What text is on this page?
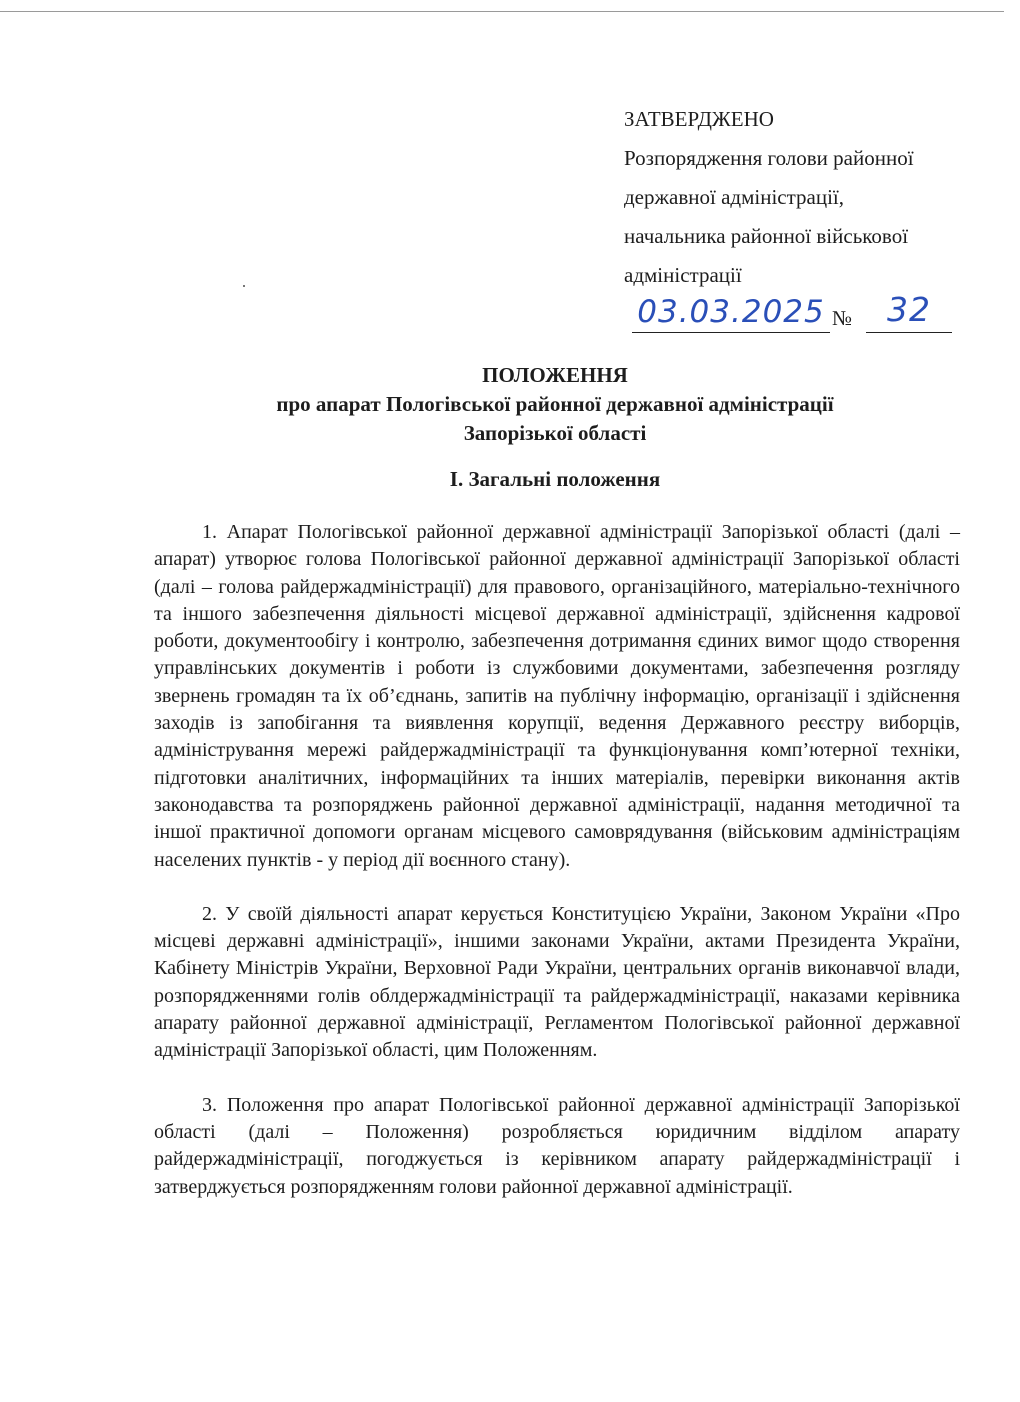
ЗАТВЕРДЖЕНО
Розпорядження голови районної
державної адміністрації,
начальника районної військової
адміністрації
03.03.2025 №	32
ПОЛОЖЕННЯ
про апарат Пологівської районної державної адміністрації
Запорізької області
І. Загальні положення

1. Апарат Пологівської районної державної адміністрації Запорізької області (далі – апарат) утворює голова Пологівської районної державної адміністрації Запорізької області (далі – голова райдержадміністрації) для правового, організаційного, матеріально-технічного та іншого забезпечення діяльності місцевої державної адміністрації, здійснення кадрової роботи, документообігу і контролю, забезпечення дотримання єдиних вимог щодо створення управлінських документів і роботи із службовими документами, забезпечення розгляду звернень громадян та їх об’єднань, запитів на публічну інформацію, організації і здійснення заходів із запобігання та виявлення корупції, ведення Державного реєстру виборців, адміністрування мережі райдержадміністрації та функціонування комп’ютерної техніки, підготовки аналітичних, інформаційних та інших матеріалів, перевірки виконання актів законодавства та розпоряджень районної державної адміністрації, надання методичної та іншої практичної допомоги органам місцевого самоврядування (військовим адміністраціям населених пунктів - у період дії воєнного стану).

2. У своїй діяльності апарат керується Конституцією України, Законом України «Про місцеві державні адміністрації», іншими законами України, актами Президента України, Кабінету Міністрів України, Верховної Ради України, центральних органів виконавчої влади, розпорядженнями голів облдержадміністрації та райдержадміністрації, наказами керівника апарату районної державної адміністрації, Регламентом Пологівської районної державної адміністрації Запорізької області, цим Положенням.

3. Положення про апарат Пологівської районної державної адміністрації Запорізької області (далі – Положення) розробляється юридичним відділом апарату райдержадміністрації, погоджується із керівником апарату райдержадміністрації і затверджується розпорядженням голови районної державної адміністрації.
